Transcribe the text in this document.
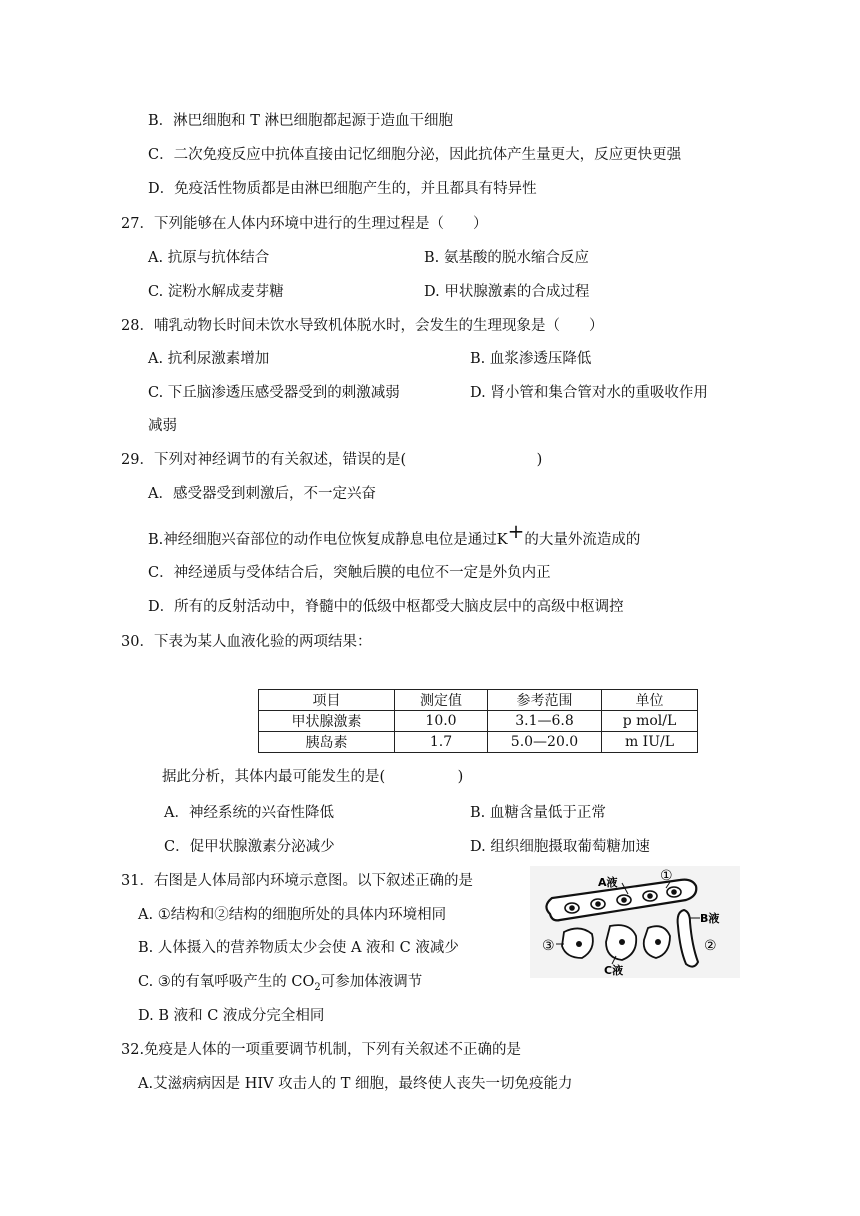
B．淋巴细胞和 T 淋巴细胞都起源于造血干细胞
C．二次免疫反应中抗体直接由记忆细胞分泌，因此抗体产生量更大，反应更快更强
D．免疫活性物质都是由淋巴细胞产生的，并且都具有特异性
27．下列能够在人体内环境中进行的生理过程是（　　）
A. 抗原与抗体结合	B. 氨基酸的脱水缩合反应
C. 淀粉水解成麦芽糖	D. 甲状腺激素的合成过程
28．哺乳动物长时间未饮水导致机体脱水时，会发生的生理现象是（　　）
A. 抗利尿激素增加	B. 血浆渗透压降低
C. 下丘脑渗透压感受器受到的刺激减弱	D. 肾小管和集合管对水的重吸收作用
减弱
29．下列对神经调节的有关叙述，错误的是(　　　　　　　　　)
A．感受器受到刺激后，不一定兴奋
B.神经细胞兴奋部位的动作电位恢复成静息电位是通过K+的大量外流造成的
C．神经递质与受体结合后，突触后膜的电位不一定是外负内正
D．所有的反射活动中，脊髓中的低级中枢都受大脑皮层中的高级中枢调控
30．下表为某人血液化验的两项结果：
项目	测定值	参考范围	单位
甲状腺激素	10.0	3.1—6.8	p mol/L
胰岛素	1.7	5.0—20.0	m IU/L
据此分析，其体内最可能发生的是(　　　　　)
A．神经系统的兴奋性降低	B. 血糖含量低于正常
C．促甲状腺激素分泌减少	D. 组织细胞摄取葡萄糖加速
31．右图是人体局部内环境示意图。以下叙述正确的是
A. ①结构和②结构的细胞所处的具体内环境相同
B. 人体摄入的营养物质太少会使 A 液和 C 液减少
C. ③的有氧呼吸产生的 $CO_2$可参加体液调节
D. B 液和 C 液成分完全相同
A液	①
B液
②
③
C液
32.免疫是人体的一项重要调节机制，下列有关叙述不正确的是
A.艾滋病病因是 HIV 攻击人的 T 细胞，最终使人丧失一切免疫能力
